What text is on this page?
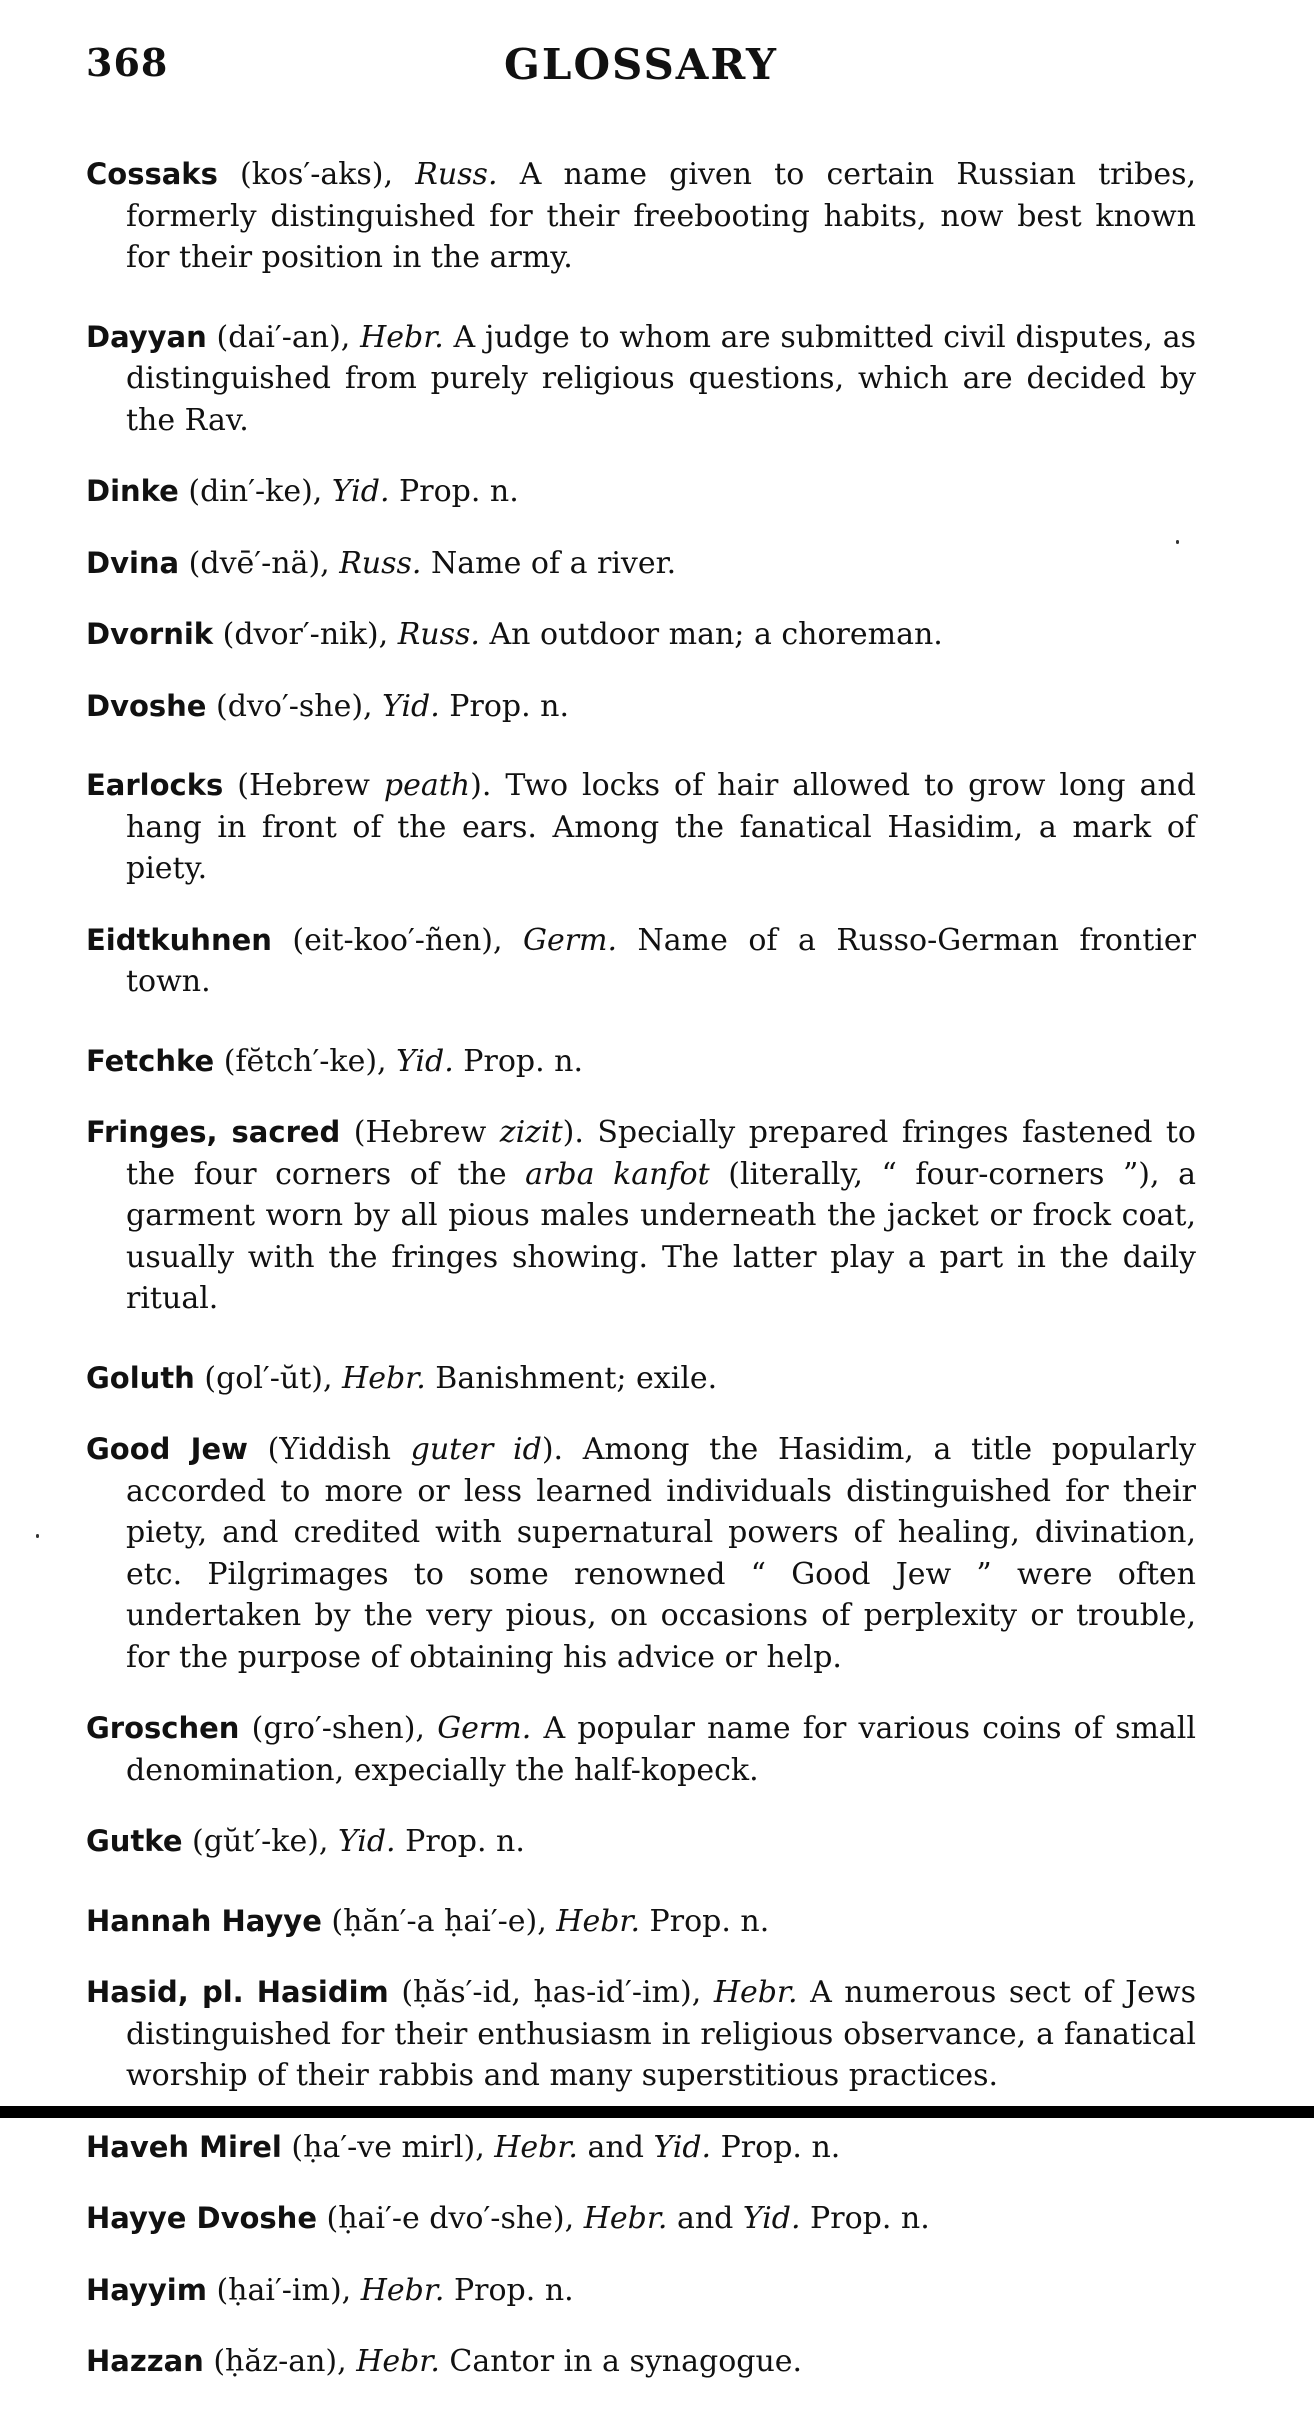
368	GLOSSARY

Cossaks (kos′-aks), Russ. A name given to certain Russian tribes, formerly distinguished for their freebooting habits, now best known for their position in the army.

Dayyan (dai′-an), Hebr. A judge to whom are submitted civil disputes, as distinguished from purely religious questions, which are decided by the Rav.

Dinke (din′-ke), Yid. Prop. n.

Dvina (dvē′-nä), Russ. Name of a river.

Dvornik (dvor′-nik), Russ. An outdoor man; a choreman.

Dvoshe (dvo′-she), Yid. Prop. n.

Earlocks (Hebrew peath). Two locks of hair allowed to grow long and hang in front of the ears. Among the fanatical Hasidim, a mark of piety.

Eidtkuhnen (eit-koo′-ñen), Germ. Name of a Russo-German frontier town.

Fetchke (fĕtch′-ke), Yid. Prop. n.

Fringes, sacred (Hebrew zizit). Specially prepared fringes fastened to the four corners of the arba kanfot (literally, “ four-corners ”), a garment worn by all pious males underneath the jacket or frock coat, usually with the fringes showing. The latter play a part in the daily ritual.

Goluth (gol′-ŭt), Hebr. Banishment; exile.

Good Jew (Yiddish guter id). Among the Hasidim, a title popularly accorded to more or less learned individuals distinguished for their piety, and credited with supernatural powers of healing, divination, etc. Pilgrimages to some renowned “ Good Jew ” were often undertaken by the very pious, on occasions of perplexity or trouble, for the purpose of obtaining his advice or help.

Groschen (gro′-shen), Germ. A popular name for various coins of small denomination, expecially the half-kopeck.

Gutke (gŭt′-ke), Yid. Prop. n.

Hannah Hayye (ḥăn′-a ḥai′-e), Hebr. Prop. n.

Hasid, pl. Hasidim (ḥăs′-id, ḥas-id′-im), Hebr. A numerous sect of Jews distinguished for their enthusiasm in religious observance, a fanatical worship of their rabbis and many superstitious practices.

Haveh Mirel (ḥa′-ve mirl), Hebr. and Yid. Prop. n.

Hayye Dvoshe (ḥai′-e dvo′-she), Hebr. and Yid. Prop. n.

Hayyim (ḥai′-im), Hebr. Prop. n.

Hazzan (ḥăz-an), Hebr. Cantor in a synagogue.
